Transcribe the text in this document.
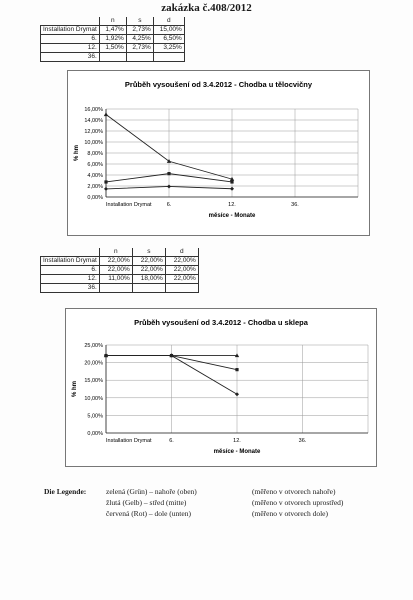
zakázka č.408/2012
	n	s	d
Installation Drymat	1,47%	2,73%	15,00%
6.	1,92%	4,25%	6,50%
12.	1,50%	2,73%	3,25%
36.			
Průběh vysoušení od 3.4.2012 - Chodba u tělocvičny
0,00%
2,00%
4,00%
6,00%
8,00%
10,00%
12,00%
14,00%
16,00%
Installation Drymat	6.	12.	36.
měsíce - Monate
% hm
	n	s	d
Installation Drymat	22,00%	22,00%	22,00%
6.	22,00%	22,00%	22,00%
12.	11,00%	18,00%	22,00%
36.			
Průběh vysoušení od 3.4.2012 - Chodba u sklepa
0,00%
5,00%
10,00%
15,00%
20,00%
25,00%
Installation Drymat	6.	12.	36.
měsíce - Monate
% hm
Die Legende:	zelená (Grün) – nahoře (oben)	(měřeno v otvorech nahoře)
žlutá (Gelb) – střed (mitte)	(měřeno v otvorech uprostřed)
červená (Rot) – dole (unten)	(měřeno v otvorech dole)
